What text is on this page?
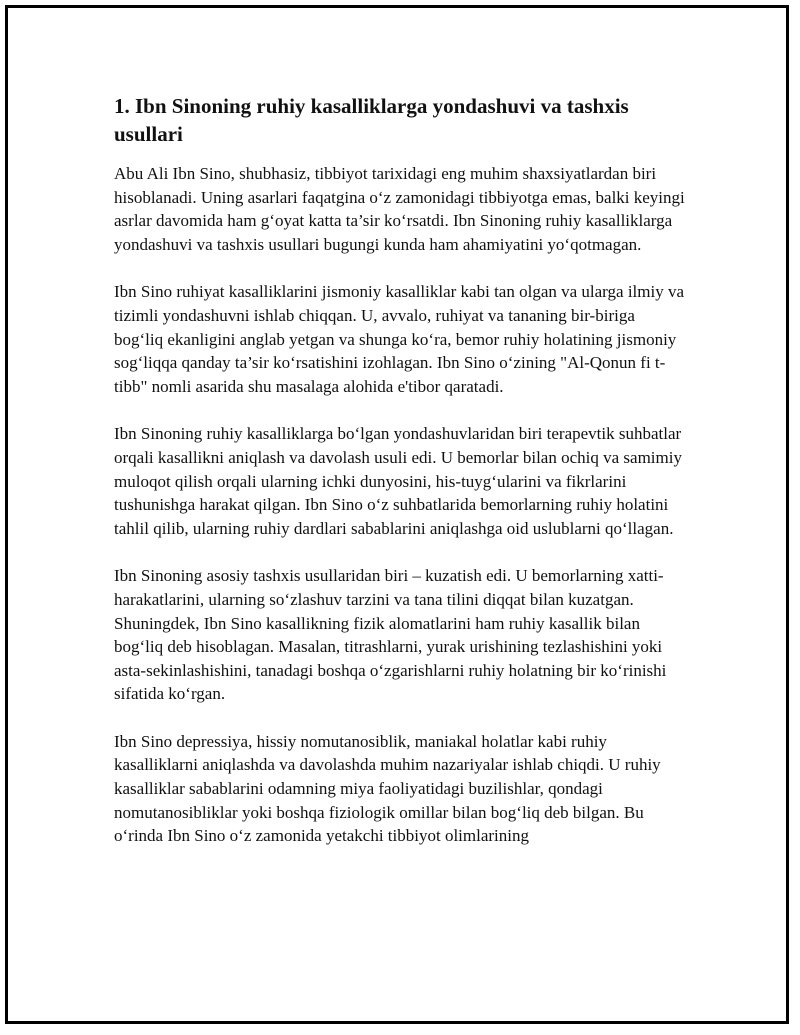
1. Ibn Sinoning ruhiy kasalliklarga yondashuvi va tashxis usullari

Abu Ali Ibn Sino, shubhasiz, tibbiyot tarixidagi eng muhim shaxsiyatlardan biri hisoblanadi. Uning asarlari faqatgina o‘z zamonidagi tibbiyotga emas, balki keyingi asrlar davomida ham g‘oyat katta ta’sir ko‘rsatdi. Ibn Sinoning ruhiy kasalliklarga yondashuvi va tashxis usullari bugungi kunda ham ahamiyatini yo‘qotmagan.

Ibn Sino ruhiyat kasalliklarini jismoniy kasalliklar kabi tan olgan va ularga ilmiy va tizimli yondashuvni ishlab chiqqan. U, avvalo, ruhiyat va tananing bir-biriga bog‘liq ekanligini anglab yetgan va shunga ko‘ra, bemor ruhiy holatining jismoniy sog‘liqqa qanday ta’sir ko‘rsatishini izohlagan. Ibn Sino o‘zining "Al-Qonun fi t-tibb" nomli asarida shu masalaga alohida e'tibor qaratadi.

Ibn Sinoning ruhiy kasalliklarga bo‘lgan yondashuvlaridan biri terapevtik suhbatlar orqali kasallikni aniqlash va davolash usuli edi. U bemorlar bilan ochiq va samimiy muloqot qilish orqali ularning ichki dunyosini, his-tuyg‘ularini va fikrlarini tushunishga harakat qilgan. Ibn Sino o‘z suhbatlarida bemorlarning ruhiy holatini tahlil qilib, ularning ruhiy dardlari sabablarini aniqlashga oid uslublarni qo‘llagan.

Ibn Sinoning asosiy tashxis usullaridan biri – kuzatish edi. U bemorlarning xatti-harakatlarini, ularning so‘zlashuv tarzini va tana tilini diqqat bilan kuzatgan. Shuningdek, Ibn Sino kasallikning fizik alomatlarini ham ruhiy kasallik bilan bog‘liq deb hisoblagan. Masalan, titrashlarni, yurak urishining tezlashishini yoki asta-sekinlashishini, tanadagi boshqa o‘zgarishlarni ruhiy holatning bir ko‘rinishi sifatida ko‘rgan.

Ibn Sino depressiya, hissiy nomutanosiblik, maniakal holatlar kabi ruhiy kasalliklarni aniqlashda va davolashda muhim nazariyalar ishlab chiqdi. U ruhiy kasalliklar sabablarini odamning miya faoliyatidagi buzilishlar, qondagi nomutanosibliklar yoki boshqa fiziologik omillar bilan bog‘liq deb bilgan. Bu o‘rinda Ibn Sino o‘z zamonida yetakchi tibbiyot olimlarining
